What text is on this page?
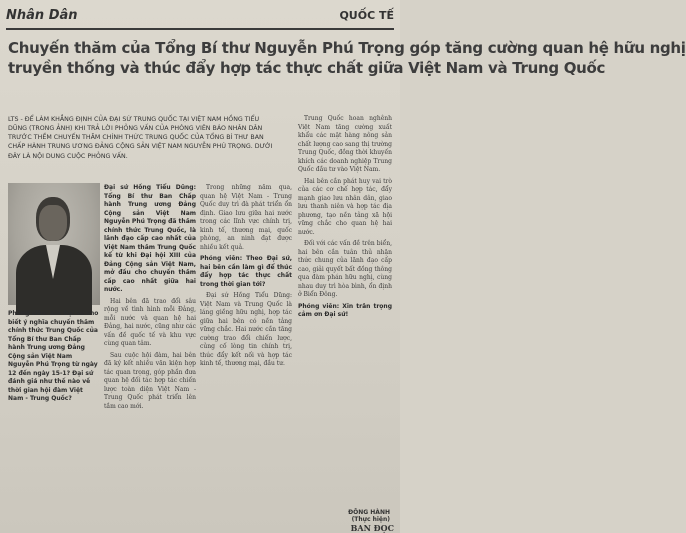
Nhân Dân	QUỐC TẾ
Chuyến thăm của Tổng Bí thư Nguyễn Phú Trọng góp tăng cường quan hệ hữu nghị
truyền thống và thúc đẩy hợp tác thực chất giữa Việt Nam và Trung Quốc
LTS - ĐỂ LÀM KHẲNG ĐỊNH CỦA ĐẠI SỨ TRUNG QUỐC TẠI VIỆT NAM HỒNG TIỂU DŨNG (TRONG ẢNH) KHI TRẢ LỜI PHỎNG VẤN CỦA PHÓNG VIÊN BÁO NHÂN DÂN TRƯỚC THỀM CHUYẾN THĂM CHÍNH THỨC TRUNG QUỐC CỦA TỔNG BÍ THƯ BAN CHẤP HÀNH TRUNG ƯƠNG ĐẢNG CỘNG SẢN VIỆT NAM NGUYỄN PHÚ TRỌNG. DƯỚI ĐÂY LÀ NỘI DUNG CUỘC PHỎNG VẤN.
Phóng viên: Xin Đại sứ cho biết ý nghĩa chuyến thăm chính thức Trung Quốc của Tổng Bí thư Ban Chấp hành Trung ương Đảng Cộng sản Việt Nam Nguyễn Phú Trọng từ ngày 12 đến ngày 15-1? Đại sứ đánh giá như thế nào về thời gian hội đàm Việt Nam - Trung Quốc?

Đại sứ Hồng Tiểu Dũng: Tổng Bí thư Ban Chấp hành Trung ương Đảng Cộng sản Việt Nam Nguyễn Phú Trọng đã thăm chính thức Trung Quốc, là lãnh đạo cấp cao nhất của Việt Nam thăm Trung Quốc kể từ khi Đại hội XIII của Đảng Cộng sản Việt Nam, mở đầu cho chuyến thăm cấp cao nhất giữa hai nước.

Hai bên đã trao đổi sâu rộng về tình hình mỗi Đảng, mỗi nước và quan hệ hai Đảng, hai nước, cũng như các vấn đề quốc tế và khu vực cùng quan tâm.

Sau cuộc hội đàm, hai bên đã ký kết nhiều văn kiện hợp tác quan trọng, góp phần đưa quan hệ đối tác hợp tác chiến lược toàn diện Việt Nam - Trung Quốc phát triển lên tầm cao mới.

Trong những năm qua, quan hệ Việt Nam - Trung Quốc duy trì đà phát triển ổn định. Giao lưu giữa hai nước trong các lĩnh vực chính trị, kinh tế, thương mại, quốc phòng, an ninh đạt được nhiều kết quả.

Phóng viên: Theo Đại sứ, hai bên cần làm gì để thúc đẩy hợp tác thực chất trong thời gian tới?

Đại sứ Hồng Tiểu Dũng: Việt Nam và Trung Quốc là láng giềng hữu nghị, hợp tác giữa hai bên có nền tảng vững chắc. Hai nước cần tăng cường trao đổi chiến lược, củng cố lòng tin chính trị, thúc đẩy kết nối và hợp tác kinh tế, thương mại, đầu tư.

Trung Quốc hoan nghênh Việt Nam tăng cường xuất khẩu các mặt hàng nông sản chất lượng cao sang thị trường Trung Quốc, đồng thời khuyến khích các doanh nghiệp Trung Quốc đầu tư vào Việt Nam.

Hai bên cần phát huy vai trò của các cơ chế hợp tác, đẩy mạnh giao lưu nhân dân, giao lưu thanh niên và hợp tác địa phương, tạo nền tảng xã hội vững chắc cho quan hệ hai nước.

Đối với các vấn đề trên biển, hai bên cần tuân thủ nhận thức chung của lãnh đạo cấp cao, giải quyết bất đồng thông qua đàm phán hữu nghị, cùng nhau duy trì hòa bình, ổn định ở Biển Đông.

Phóng viên: Xin trân trọng cảm ơn Đại sứ!

ĐÔNG HÀNH
(Thực hiện)
BAN ĐỌC
